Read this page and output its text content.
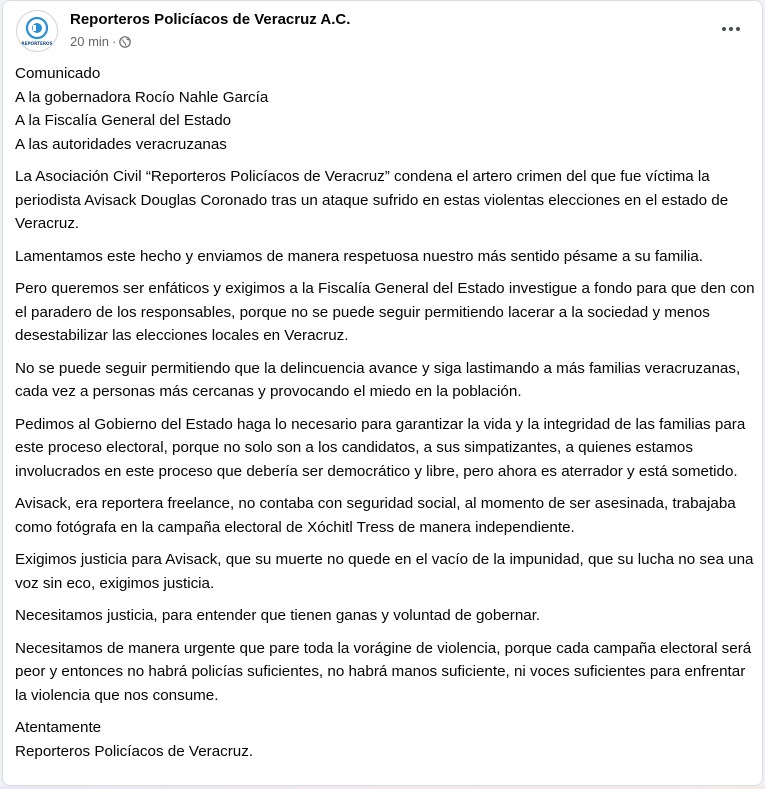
REPORTEROS
Reporteros Policíacos de Veracruz A.C.
20 min ·

Comunicado
A la gobernadora Rocío Nahle García
A la Fiscalía General del Estado
A las autoridades veracruzanas

La Asociación Civil “Reporteros Policíacos de Veracruz” condena el artero crimen del que fue víctima la periodista Avisack Douglas Coronado tras un ataque sufrido en estas violentas elecciones en el estado de Veracruz.

Lamentamos este hecho y enviamos de manera respetuosa nuestro más sentido pésame a su familia.

Pero queremos ser enfáticos y exigimos a la Fiscalía General del Estado investigue a fondo para que den con el paradero de los responsables, porque no se puede seguir permitiendo lacerar a la sociedad y menos desestabilizar las elecciones locales en Veracruz.

No se puede seguir permitiendo que la delincuencia avance y siga lastimando a más familias veracruzanas, cada vez a personas más cercanas y provocando el miedo en la población.

Pedimos al Gobierno del Estado haga lo necesario para garantizar la vida y la integridad de las familias para este proceso electoral, porque no solo son a los candidatos, a sus simpatizantes, a quienes estamos involucrados en este proceso que debería ser democrático y libre, pero ahora es aterrador y está sometido.

Avisack, era reportera freelance, no contaba con seguridad social, al momento de ser asesinada, trabajaba como fotógrafa en la campaña electoral de Xóchitl Tress de manera independiente.

Exigimos justicia para Avisack, que su muerte no quede en el vacío de la impunidad, que su lucha no sea una voz sin eco, exigimos justicia.

Necesitamos justicia, para entender que tienen ganas y voluntad de gobernar.

Necesitamos de manera urgente que pare toda la vorágine de violencia, porque cada campaña electoral será peor y entonces no habrá policías suficientes, no habrá manos suficiente, ni voces suficientes para enfrentar la violencia que nos consume.

Atentamente
Reporteros Policíacos de Veracruz.
